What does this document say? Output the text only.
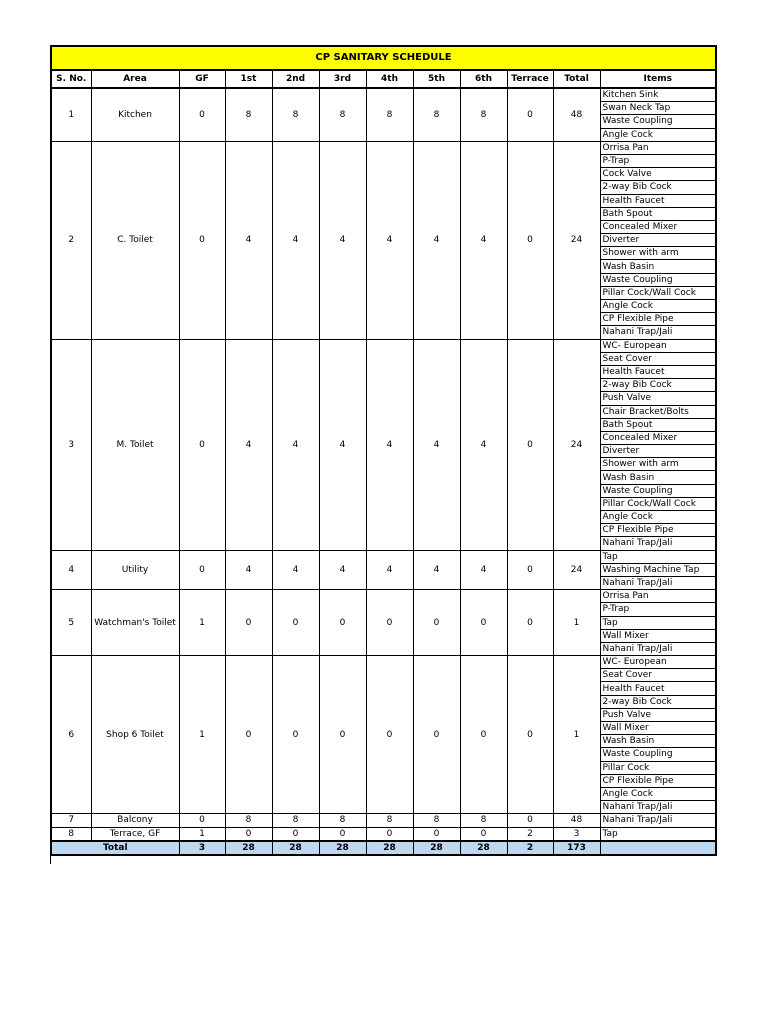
CP SANITARY SCHEDULE											
S. No.	Area	GF	1st	2nd	3rd	4th	5th	6th	Terrace	Total	Items
1	Kitchen	0	8	8	8	8	8	8	0	48	Kitchen Sink
											Swan Neck Tap
											Waste Coupling
											Angle Cock
2	C. Toilet	0	4	4	4	4	4	4	0	24	Orrisa Pan
											P-Trap
											Cock Valve
											2-way Bib Cock
											Health Faucet
											Bath Spout
											Concealed Mixer
											Diverter
											Shower with arm
											Wash Basin
											Waste Coupling
											Pillar Cock/Wall Cock
											Angle Cock
											CP Flexible Pipe
											Nahani Trap/Jali
3	M. Toilet	0	4	4	4	4	4	4	0	24	WC- European
											Seat Cover
											Health Faucet
											2-way Bib Cock
											Push Valve
											Chair Bracket/Bolts
											Bath Spout
											Concealed Mixer
											Diverter
											Shower with arm
											Wash Basin
											Waste Coupling
											Pillar Cock/Wall Cock
											Angle Cock
											CP Flexible Pipe
											Nahani Trap/Jali
4	Utility	0	4	4	4	4	4	4	0	24	Tap
											Washing Machine Tap
											Nahani Trap/Jali
5	Watchman's Toilet	1	0	0	0	0	0	0	0	1	Orrisa Pan
											P-Trap
											Tap
											Wall Mixer
											Nahani Trap/Jali
6	Shop 6 Toilet	1	0	0	0	0	0	0	0	1	WC- European
											Seat Cover
											Health Faucet
											2-way Bib Cock
											Push Valve
											Wall Mixer
											Wash Basin
											Waste Coupling
											Pillar Cock
											CP Flexible Pipe
											Angle Cock
											Nahani Trap/Jali
7	Balcony	0	8	8	8	8	8	8	0	48	Nahani Trap/Jali
8	Terrace, GF	1	0	0	0	0	0	0	2	3	Tap
Total		3	28	28	28	28	28	28	2	173	
